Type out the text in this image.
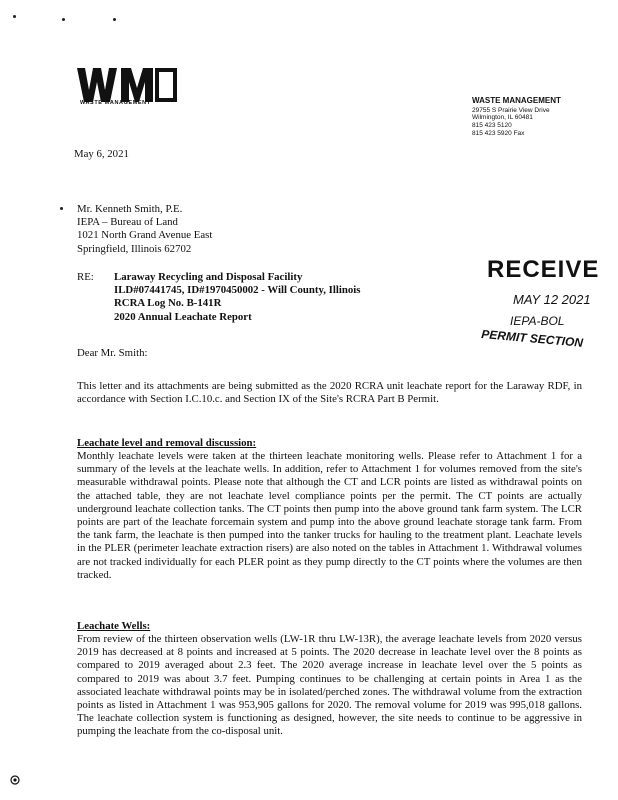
WASTE MANAGEMENT	WASTE MANAGEMENT
29755 S Prairie View Drive
Wilmington, IL 60481
815 423 5120
815 423 5920 Fax
May 6, 2021
Mr. Kenneth Smith, P.E.
IEPA – Bureau of Land
1021 North Grand Avenue East
Springfield, Illinois 62702
RE: Laraway Recycling and Disposal Facility
ILD#07441745, ID#1970450002 - Will County, Illinois
RCRA Log No. B-141R
2020 Annual Leachate Report
RECEIVE
MAY 12 2021
IEPA-BOL
PERMIT SECTION
Dear Mr. Smith:
This letter and its attachments are being submitted as the 2020 RCRA unit leachate report for the Laraway RDF, in accordance with Section I.C.10.c. and Section IX of the Site's RCRA Part B Permit.
Leachate level and removal discussion:
Monthly leachate levels were taken at the thirteen leachate monitoring wells. Please refer to Attachment 1 for a summary of the levels at the leachate wells. In addition, refer to Attachment 1 for volumes removed from the site's measurable withdrawal points. Please note that although the CT and LCR points are listed as withdrawal points on the attached table, they are not leachate level compliance points per the permit. The CT points are actually underground leachate collection tanks. The CT points then pump into the above ground tank farm system. The LCR points are part of the leachate forcemain system and pump into the above ground leachate storage tank farm. From the tank farm, the leachate is then pumped into the tanker trucks for hauling to the treatment plant. Leachate levels in the PLER (perimeter leachate extraction risers) are also noted on the tables in Attachment 1. Withdrawal volumes are not tracked individually for each PLER point as they pump directly to the CT points where the volumes are then tracked.
Leachate Wells:
From review of the thirteen observation wells (LW-1R thru LW-13R), the average leachate levels from 2020 versus 2019 has decreased at 8 points and increased at 5 points. The 2020 decrease in leachate level over the 8 points as compared to 2019 averaged about 2.3 feet. The 2020 average increase in leachate level over the 5 points as compared to 2019 was about 3.7 feet. Pumping continues to be challenging at certain points in Area 1 as the associated leachate withdrawal points may be in isolated/perched zones. The withdrawal volume from the extraction points as listed in Attachment 1 was 953,905 gallons for 2020. The removal volume for 2019 was 995,018 gallons. The leachate collection system is functioning as designed, however, the site needs to continue to be aggressive in pumping the leachate from the co-disposal unit.
